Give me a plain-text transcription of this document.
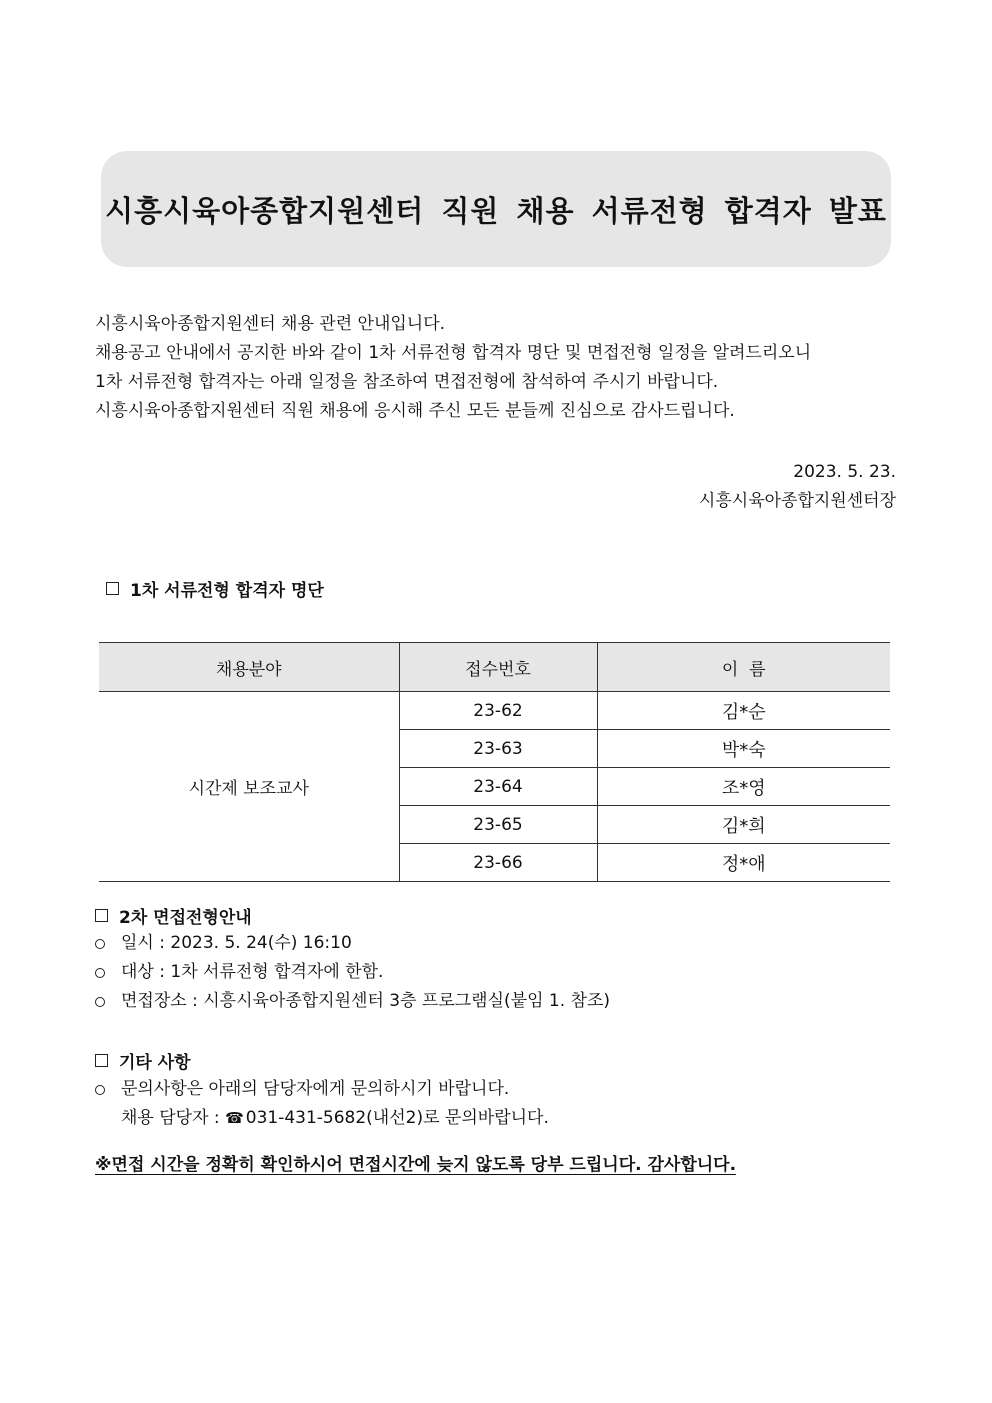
시흥시육아종합지원센터 직원 채용 서류전형 합격자 발표

시흥시육아종합지원센터 채용 관련 안내입니다.

채용공고 안내에서 공지한 바와 같이 1차 서류전형 합격자 명단 및 면접전형 일정을 알려드리오니

1차 서류전형 합격자는 아래 일정을 참조하여 면접전형에 참석하여 주시기 바랍니다.

시흥시육아종합지원센터 직원 채용에 응시해 주신 모든 분들께 진심으로 감사드립니다.

2023. 5. 23.

시흥시육아종합지원센터장

1차 서류전형 합격자 명단
채용분야	접수번호	이  름
시간제 보조교사	23-62	김*순
	23-63	박*숙
	23-64	조*영
	23-65	김*희
	23-66	정*애
2차 면접전형안내
일시 : 2023. 5. 24(수) 16:10
대상 : 1차 서류전형 합격자에 한함.
면접장소 : 시흥시육아종합지원센터 3층 프로그램실(붙임 1. 참조)
기타 사항
문의사항은 아래의 담당자에게 문의하시기 바랍니다.
채용 담당자 : ☎ 031-431-5682(내선2)로 문의바랍니다.
※면접 시간을 정확히 확인하시어 면접시간에 늦지 않도록 당부 드립니다. 감사합니다.
